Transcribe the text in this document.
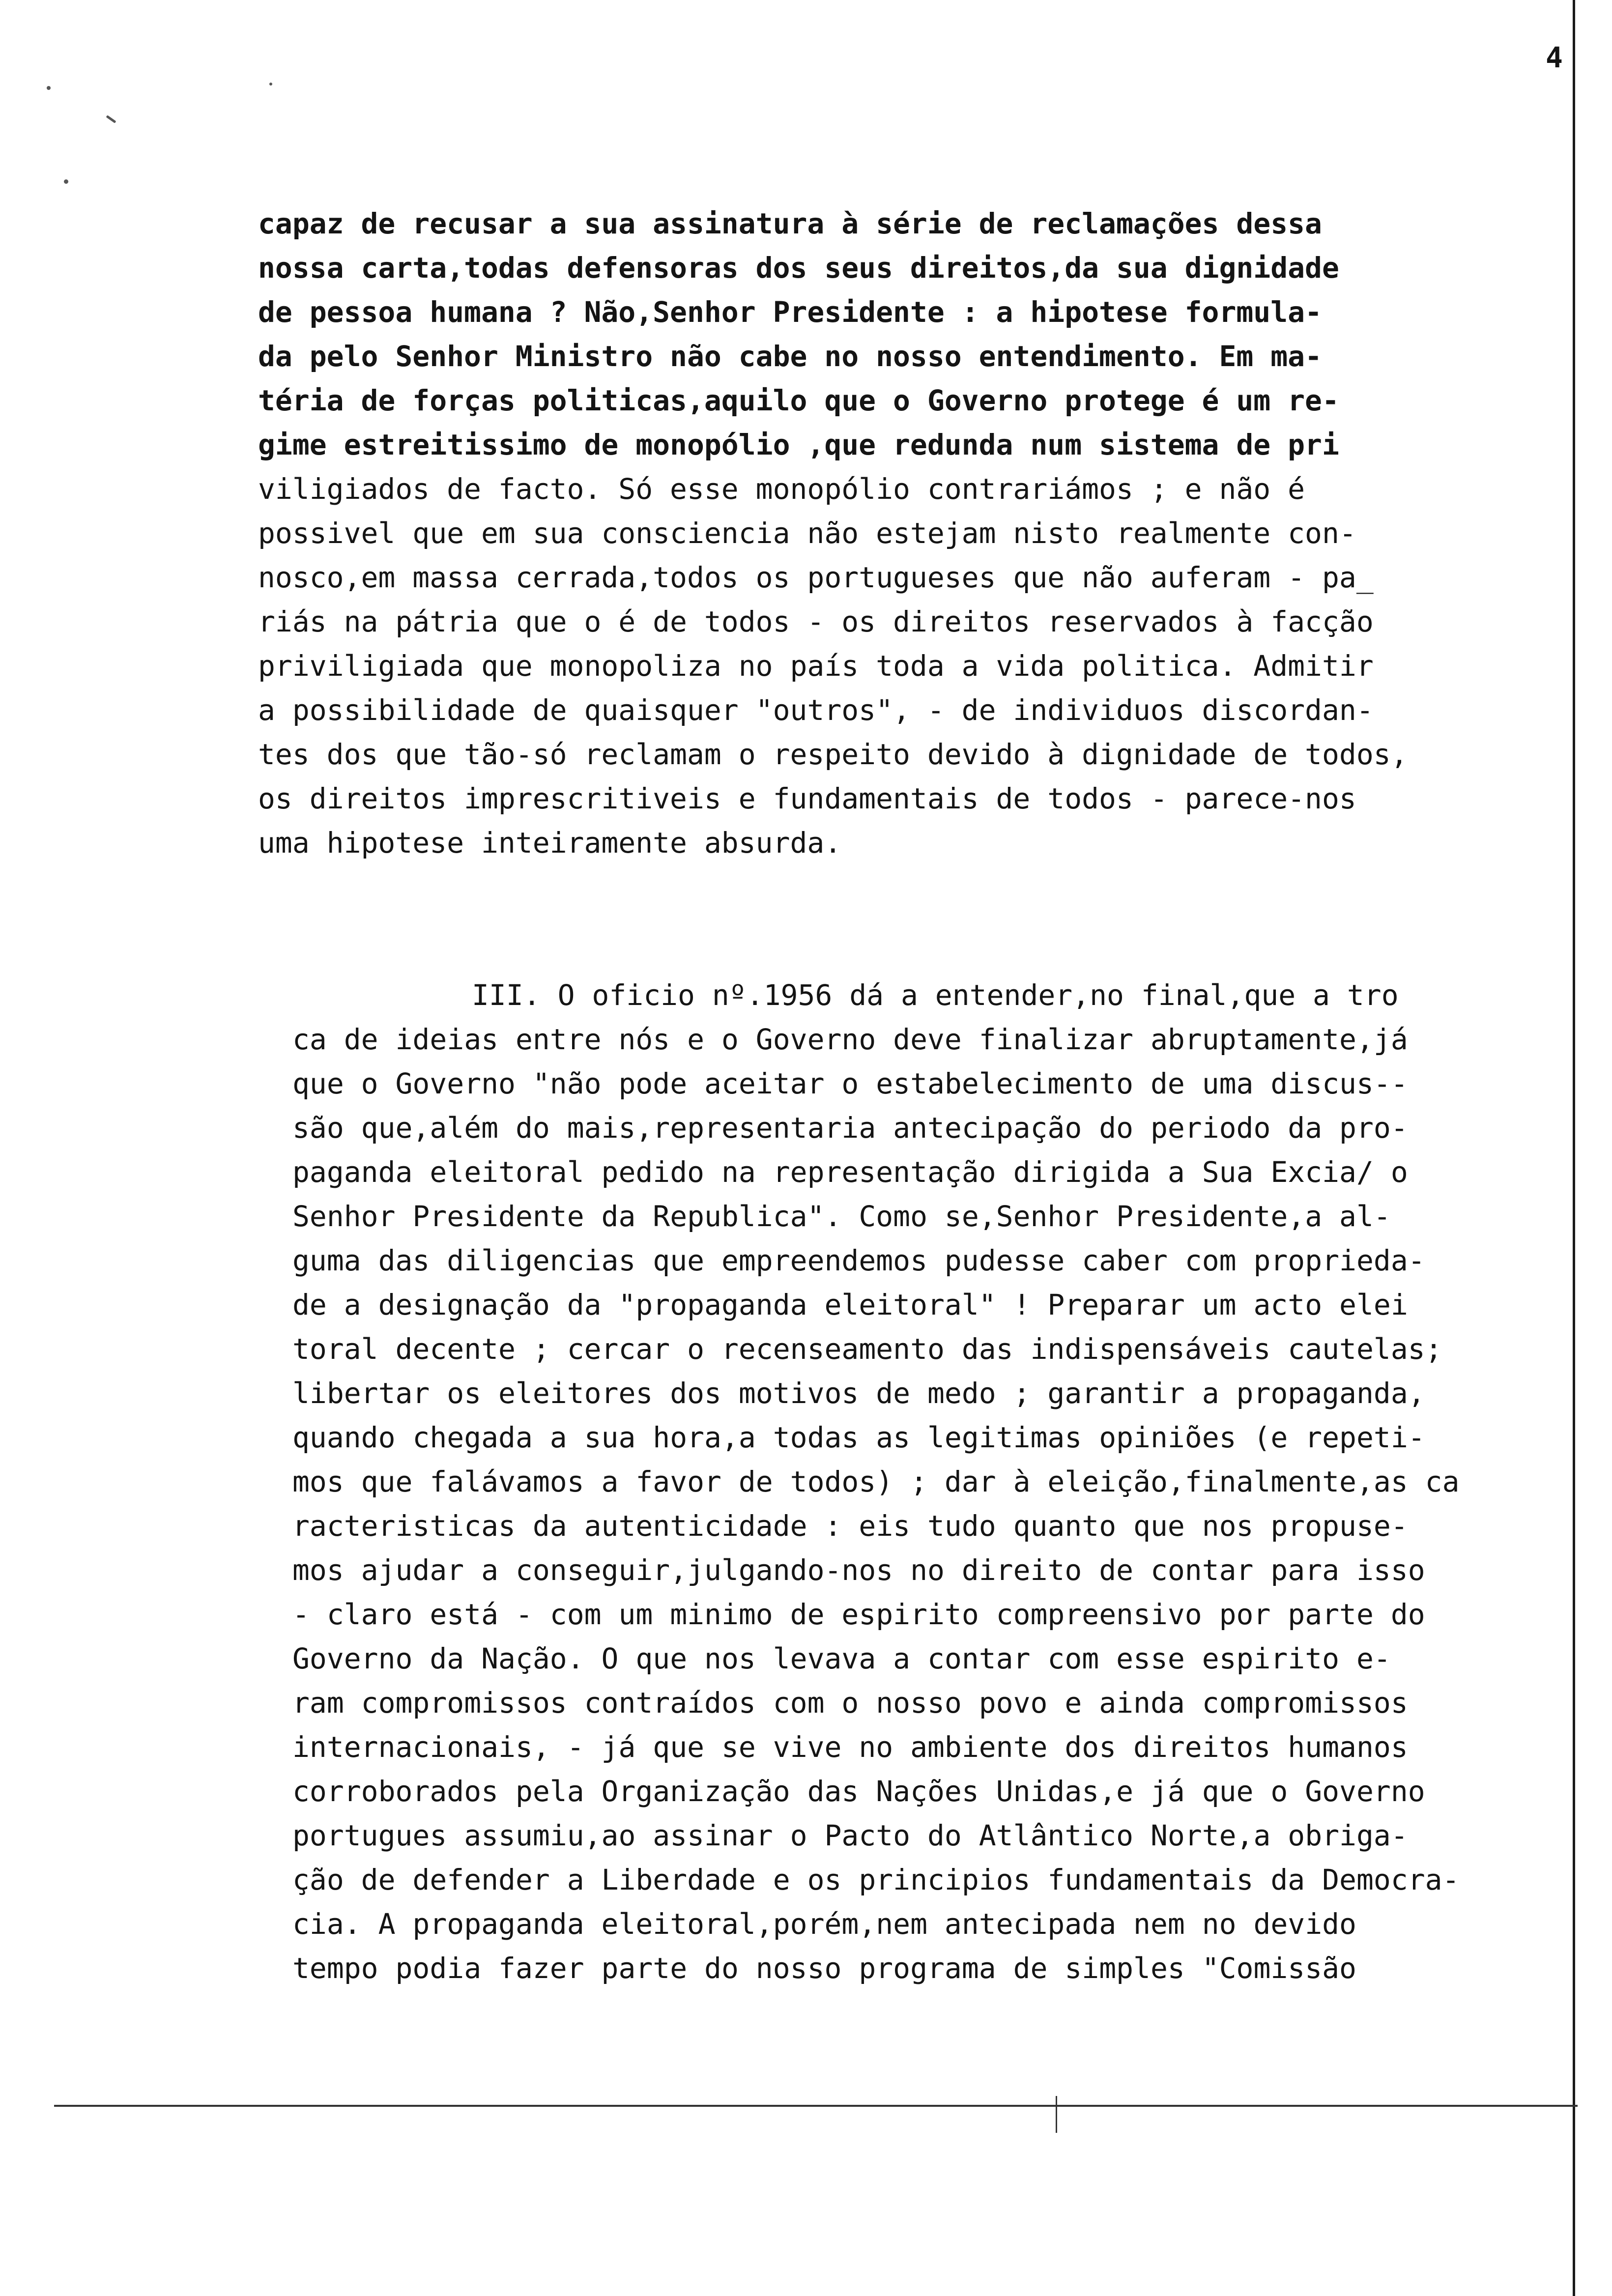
4
capaz de recusar a sua assinatura à série de reclamações dessa
nossa carta,todas defensoras dos seus direitos,da sua dignidade
de pessoa humana ? Não,Senhor Presidente : a hipotese formula-
da pelo Senhor Ministro não cabe no nosso entendimento. Em ma-
téria de forças politicas,aquilo que o Governo protege é um re-
gime estreitissimo de monopólio ,que redunda num sistema de pri
viligiados de facto. Só esse monopólio contrariámos ; e não é
possivel que em sua consciencia não estejam nisto realmente con-
nosco,em massa cerrada,todos os portugueses que não auferam - pa_
riás na pátria que o é de todos - os direitos reservados à facção
priviligiada que monopoliza no país toda a vida politica. Admitir
a possibilidade de quaisquer "outros", - de individuos discordan-
tes dos que tão-só reclamam o respeito devido à dignidade de todos,
os direitos imprescritiveis e fundamentais de todos - parece-nos
uma hipotese inteiramente absurda.
III. O oficio nº.1956 dá a entender,no final,que a tro
ca de ideias entre nós e o Governo deve finalizar abruptamente,já
que o Governo "não pode aceitar o estabelecimento de uma discus--
são que,além do mais,representaria antecipação do periodo da pro-
paganda eleitoral pedido na representação dirigida a Sua Excia/ o
Senhor Presidente da Republica". Como se,Senhor Presidente,a al-
guma das diligencias que empreendemos pudesse caber com proprieda-
de a designação da "propaganda eleitoral" ! Preparar um acto elei
toral decente ; cercar o recenseamento das indispensáveis cautelas;
libertar os eleitores dos motivos de medo ; garantir a propaganda,
quando chegada a sua hora,a todas as legitimas opiniões (e repeti-
mos que falávamos a favor de todos) ; dar à eleição,finalmente,as ca
racteristicas da autenticidade : eis tudo quanto que nos propuse-
mos ajudar a conseguir,julgando-nos no direito de contar para isso
- claro está - com um minimo de espirito compreensivo por parte do
Governo da Nação. O que nos levava a contar com esse espirito e-
ram compromissos contraídos com o nosso povo e ainda compromissos
internacionais, - já que se vive no ambiente dos direitos humanos
corroborados pela Organização das Nações Unidas,e já que o Governo
portugues assumiu,ao assinar o Pacto do Atlântico Norte,a obriga-
ção de defender a Liberdade e os principios fundamentais da Democra-
cia. A propaganda eleitoral,porém,nem antecipada nem no devido
tempo podia fazer parte do nosso programa de simples "Comissão
